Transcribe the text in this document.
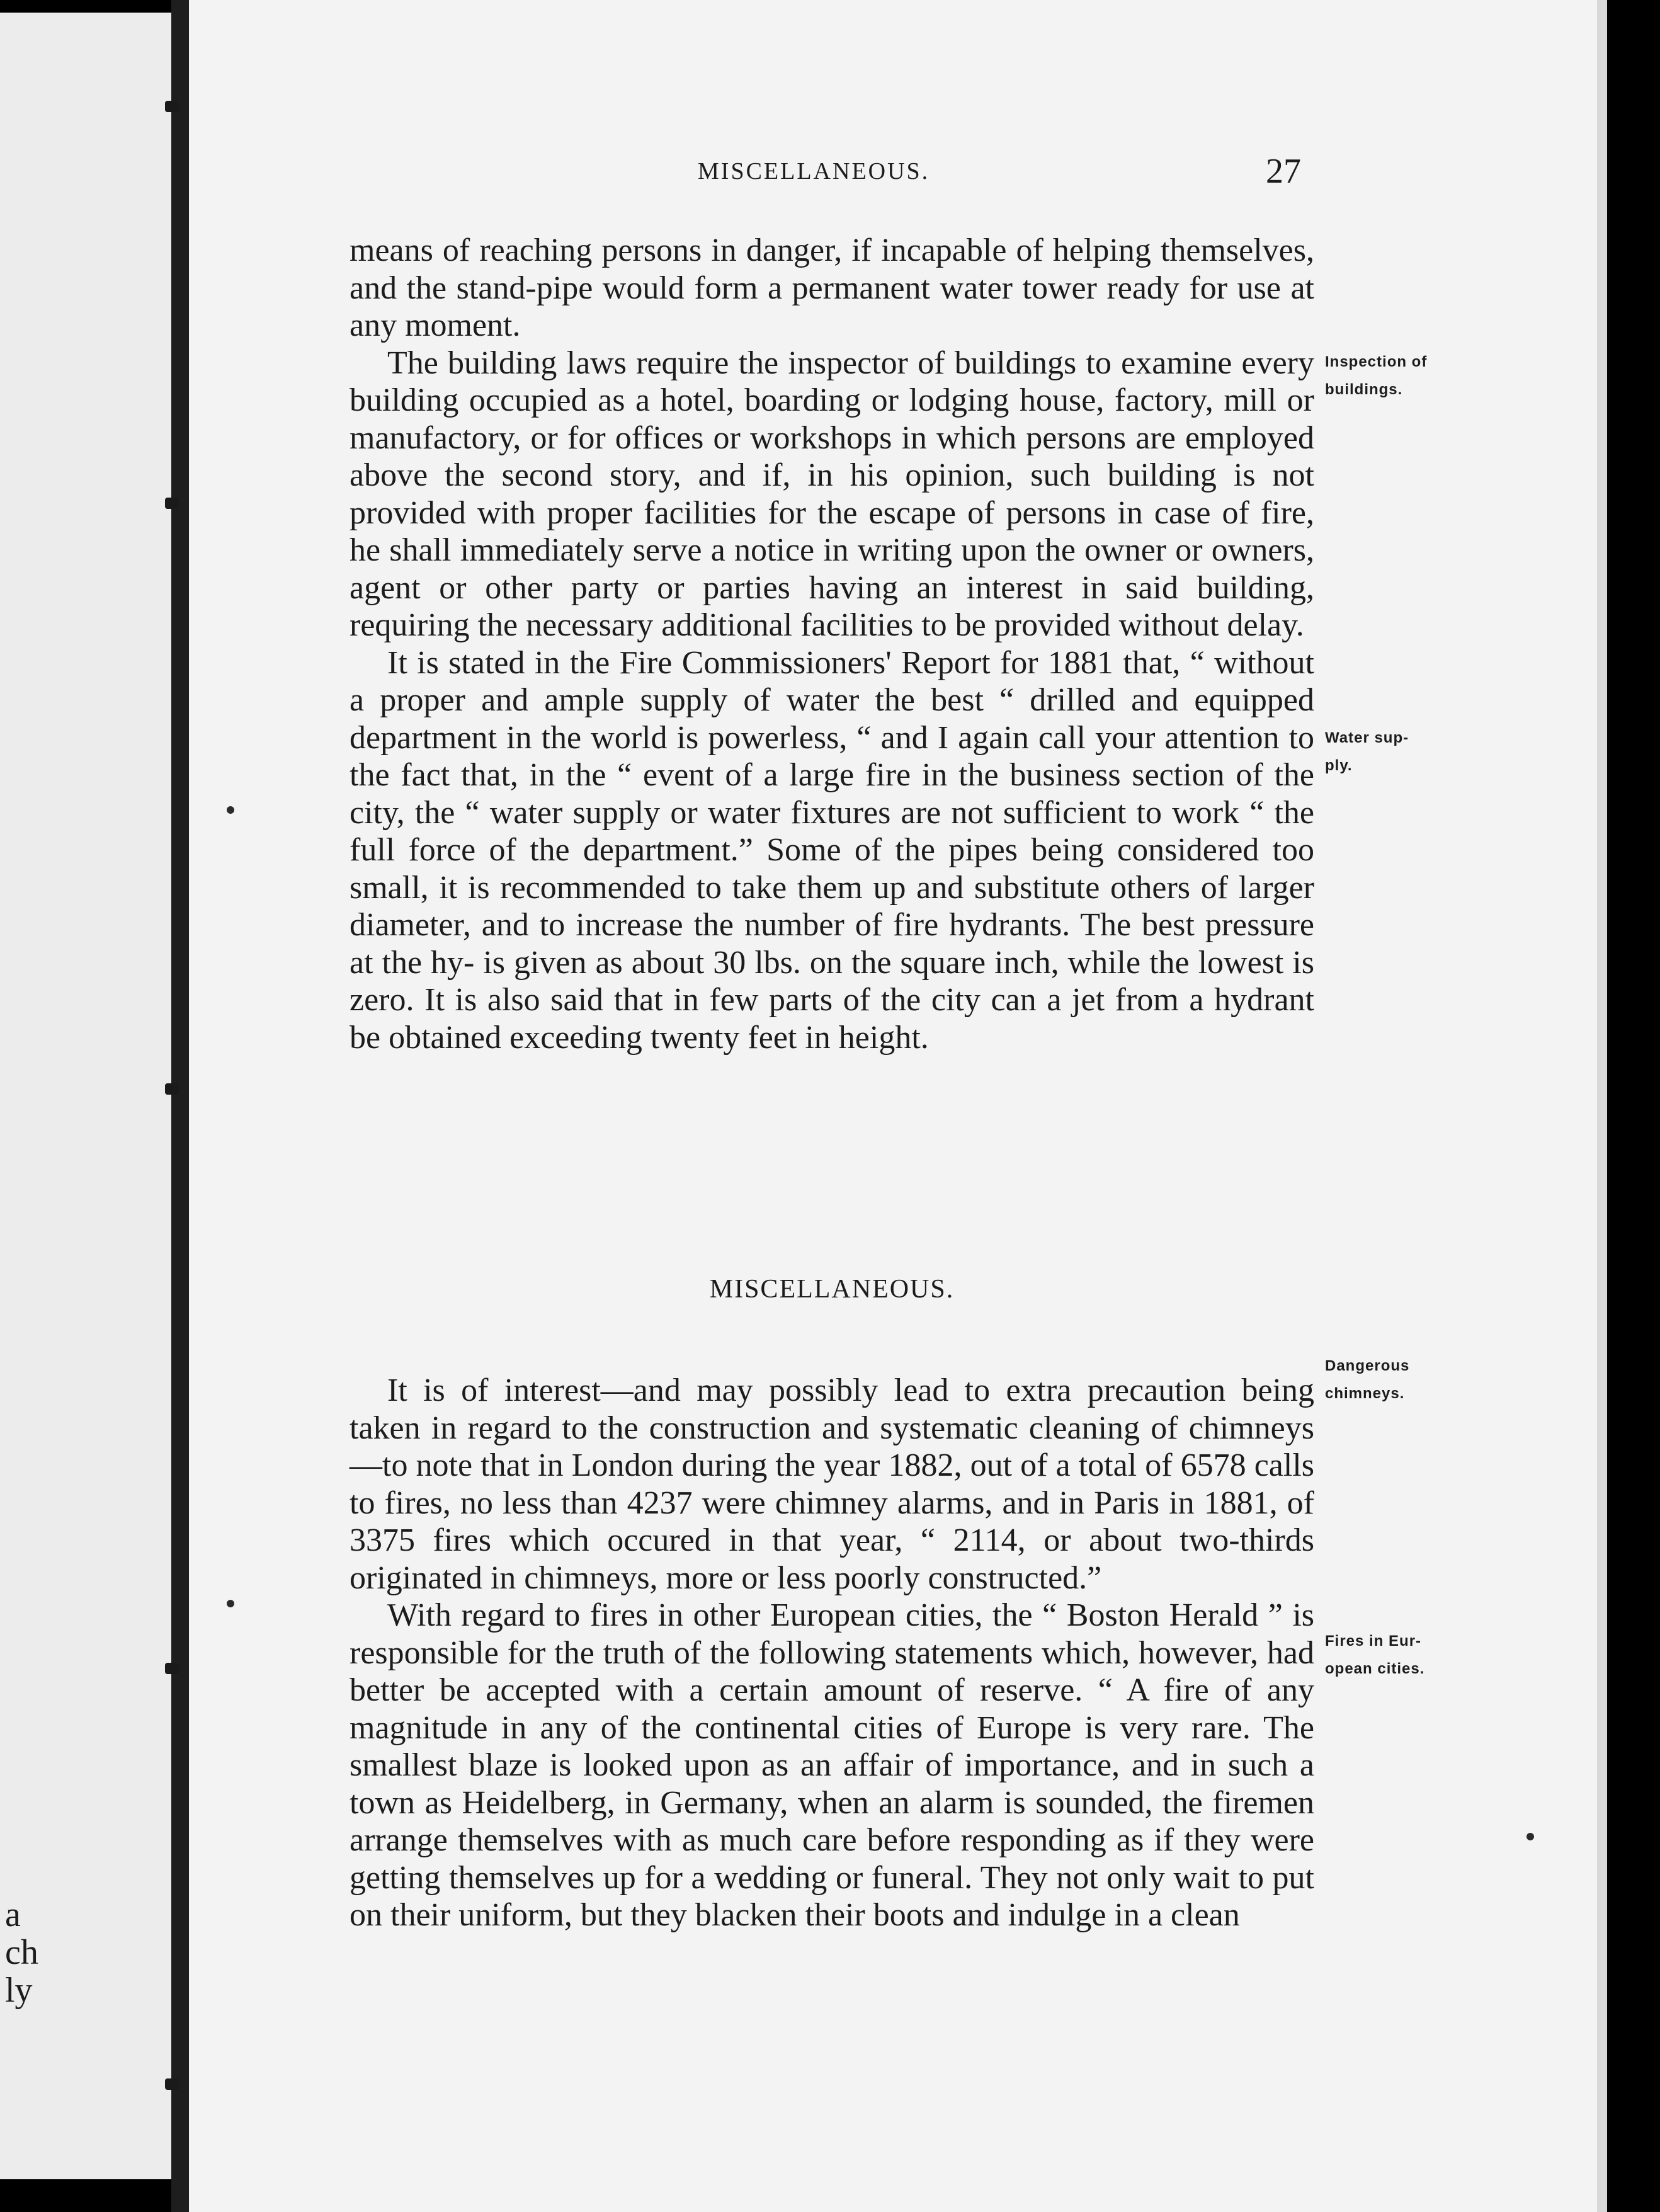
a
ch
ly
MISCELLANEOUS.	27

means of reaching persons in danger, if incapable of helping themselves, and the stand-pipe would form a permanent water tower ready for use at any moment.

The building laws require the inspector of buildings to examine every building occupied as a hotel, boarding or lodging house, factory, mill or manufactory, or for offices or workshops in which persons are employed above the second story, and if, in his opinion, such building is not provided with proper facilities for the escape of persons in case of fire, he shall immediately serve a notice in writing upon the owner or owners, agent or other party or parties having an interest in said building, requiring the necessary additional facilities to be provided without delay.

It is stated in the Fire Commissioners' Report for 1881 that, “ without a proper and ample supply of water the best “ drilled and equipped department in the world is powerless, “ and I again call your attention to the fact that, in the “ event of a large fire in the business section of the city, the “ water supply or water fixtures are not sufficient to work “ the full force of the department.” Some of the pipes being considered too small, it is recommended to take them up and substitute others of larger diameter, and to increase the number of fire hydrants. The best pressure at the hy- is given as about 30 lbs. on the square inch, while the lowest is zero. It is also said that in few parts of the city can a jet from a hydrant be obtained exceeding twenty feet in height.

MISCELLANEOUS.

It is of interest—and may possibly lead to extra precaution being taken in regard to the construction and systematic cleaning of chimneys—to note that in London during the year 1882, out of a total of 6578 calls to fires, no less than 4237 were chimney alarms, and in Paris in 1881, of 3375 fires which occured in that year, “ 2114, or about two-thirds originated in chimneys, more or less poorly constructed.”

With regard to fires in other European cities, the “ Boston Herald ” is responsible for the truth of the following statements which, however, had better be accepted with a certain amount of reserve. “ A fire of any magnitude in any of the continental cities of Europe is very rare. The smallest blaze is looked upon as an affair of importance, and in such a town as Heidelberg, in Germany, when an alarm is sounded, the firemen arrange themselves with as much care before responding as if they were getting themselves up for a wedding or funeral. They not only wait to put on their uniform, but they blacken their boots and indulge in a clean

Inspection of
buildings.
Water sup-
ply.
Dangerous
chimneys.
Fires in Eur-
opean cities.
